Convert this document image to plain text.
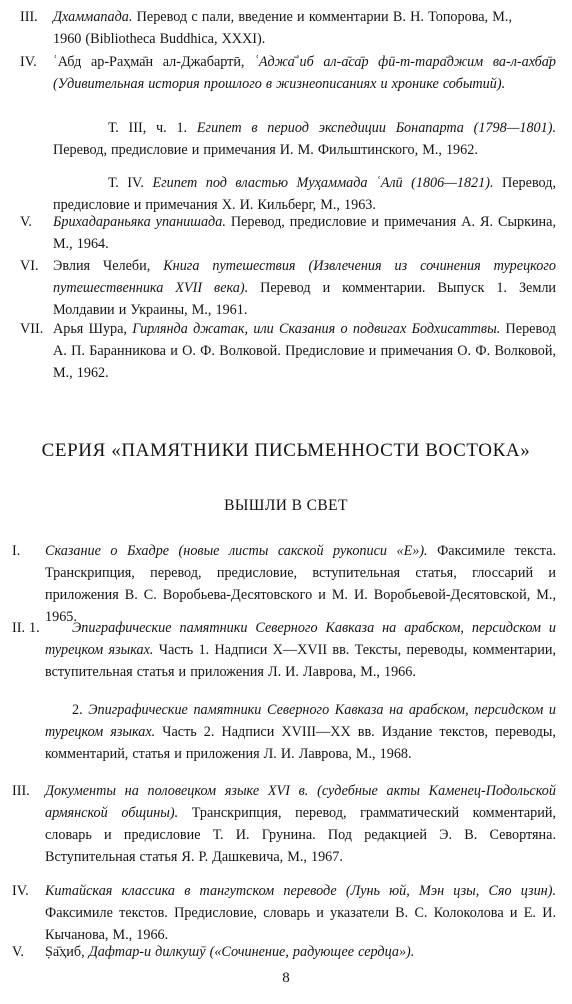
III.	Дхаммапада. Перевод с пали, введение и комментарии В. Н. Топорова, М., 1960 (Bibliotheca Buddhica, XXXI).
IV.	ʿАбд ар-Раҳма̄н ал-Джабартӣ, ʿАджа̄ʾиб ал-а̄са̄р фӣ-т-тара̄джим ва-л-ахба̄р (Удивительная история прошлого в жизнеописаниях и хронике событий).
Т. III, ч. 1. Египет в период экспедиции Бонапарта (1798—1801). Перевод, предисловие и примечания И. М. Фильштинского, М., 1962.
Т. IV. Египет под властью Муҳаммада ʿАлӣ (1806—1821). Перевод, предисловие и примечания Х. И. Кильберг, М., 1963.
V.	Брихадараньяка упанишада. Перевод, предисловие и примечания А. Я. Сыркина, М., 1964.
VI.	Эвлия Челеби, Книга путешествия (Извлечения из сочинения турецкого путешественника XVII века). Перевод и комментарии. Выпуск 1. Земли Молдавии и Украины, М., 1961.
VII. Арья Шура, Гирлянда джатак, или Сказания о подвигах Бодхисаттвы. Перевод А. П. Баранникова и О. Ф. Волковой. Предисловие и примечания О. Ф. Волковой, М., 1962.
СЕРИЯ «ПАМЯТНИКИ ПИСЬМЕННОСТИ ВОСТОКА»
ВЫШЛИ В СВЕТ
I.	Сказание о Бхадре (новые листы сакской рукописи «Е»). Факсимиле текста. Транскрипция, перевод, предисловие, вступительная статья, глоссарий и приложения В. С. Воробьева-Десятовского и М. И. Воробьевой-Десятовской, М., 1965.
II. 1.	Эпиграфические памятники Северного Кавказа на арабском, персидском и турецком языках. Часть 1. Надписи X—XVII вв. Тексты, переводы, комментарии, вступительная статья и приложения Л. И. Лаврова, М., 1966.
2. Эпиграфические памятники Северного Кавказа на арабском, персидском и турецком языках. Часть 2. Надписи XVIII—XX вв. Издание текстов, переводы, комментарий, статья и приложения Л. И. Лаврова, М., 1968.
III.	Документы на половецком языке XVI в. (судебные акты Каменец-Подольской армянской общины). Транскрипция, перевод, грамматический комментарий, словарь и предисловие Т. И. Грунина. Под редакцией Э. В. Севортяна. Вступительная статья Я. Р. Дашкевича, М., 1967.
IV.	Китайская классика в тангутском переводе (Лунь юй, Мэн цзы, Сяо цзин). Факсимиле текстов. Предисловие, словарь и указатели В. С. Колоколова и Е. И. Кычанова, М., 1966.
V.	Ṣа̄ҳиб, Дафтар-и дилкушӯ («Сочинение, радующее сердца»).
8
